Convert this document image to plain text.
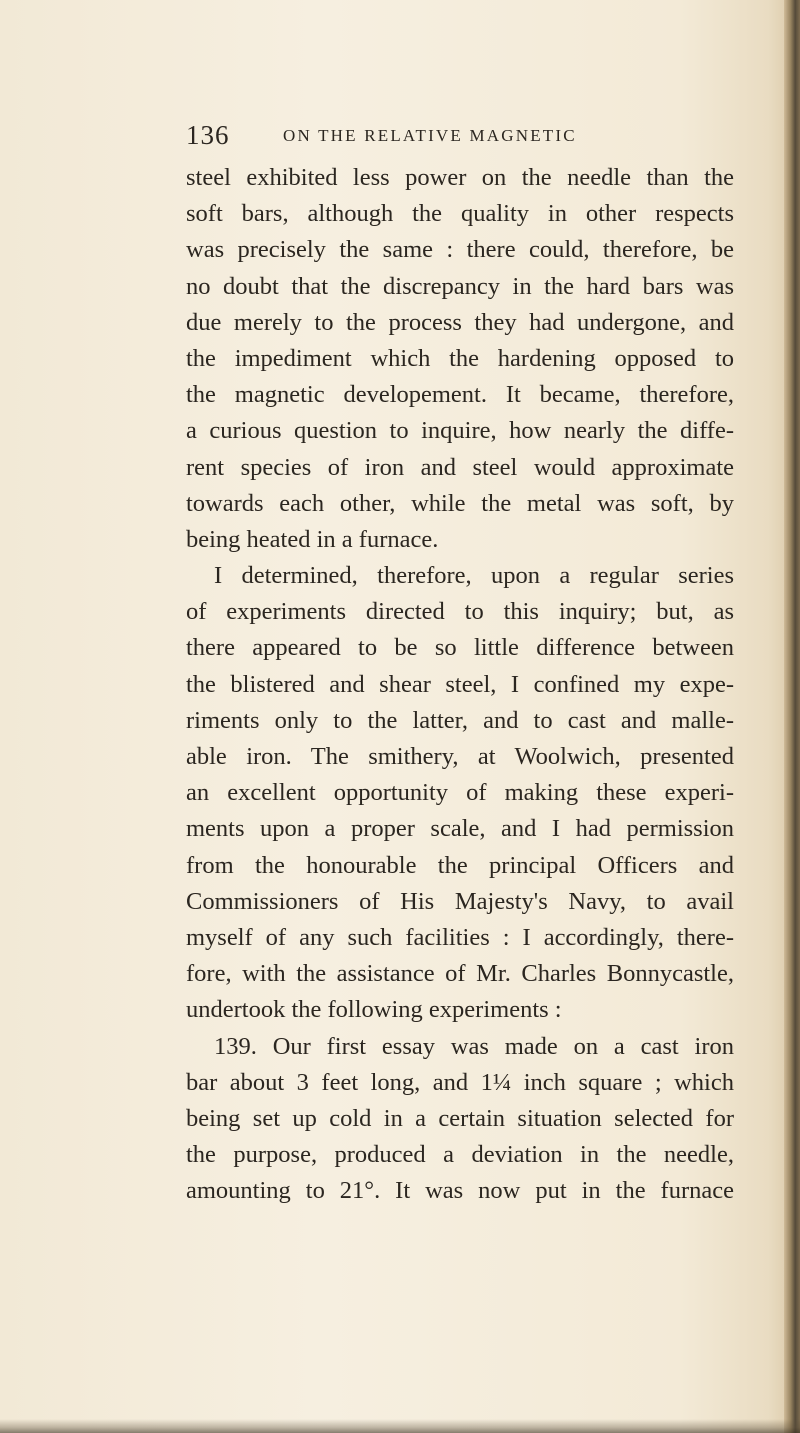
136	ON THE RELATIVE MAGNETIC
steel exhibited less power on the needle than the
soft bars, although the quality in other respects
was precisely the same : there could, therefore, be
no doubt that the discrepancy in the hard bars was
due merely to the process they had undergone, and
the impediment which the hardening opposed to
the magnetic developement. It became, therefore,
a curious question to inquire, how nearly the diffe-
rent species of iron and steel would approximate
towards each other, while the metal was soft, by
being heated in a furnace.
I determined, therefore, upon a regular series
of experiments directed to this inquiry; but, as
there appeared to be so little difference between
the blistered and shear steel, I confined my expe-
riments only to the latter, and to cast and malle-
able iron. The smithery, at Woolwich, presented
an excellent opportunity of making these experi-
ments upon a proper scale, and I had permission
from the honourable the principal Officers and
Commissioners of His Majesty's Navy, to avail
myself of any such facilities : I accordingly, there-
fore, with the assistance of Mr. Charles Bonnycastle,
undertook the following experiments :
139. Our first essay was made on a cast iron
bar about 3 feet long, and 1¼ inch square ; which
being set up cold in a certain situation selected for
the purpose, produced a deviation in the needle,
amounting to 21°. It was now put in the furnace
